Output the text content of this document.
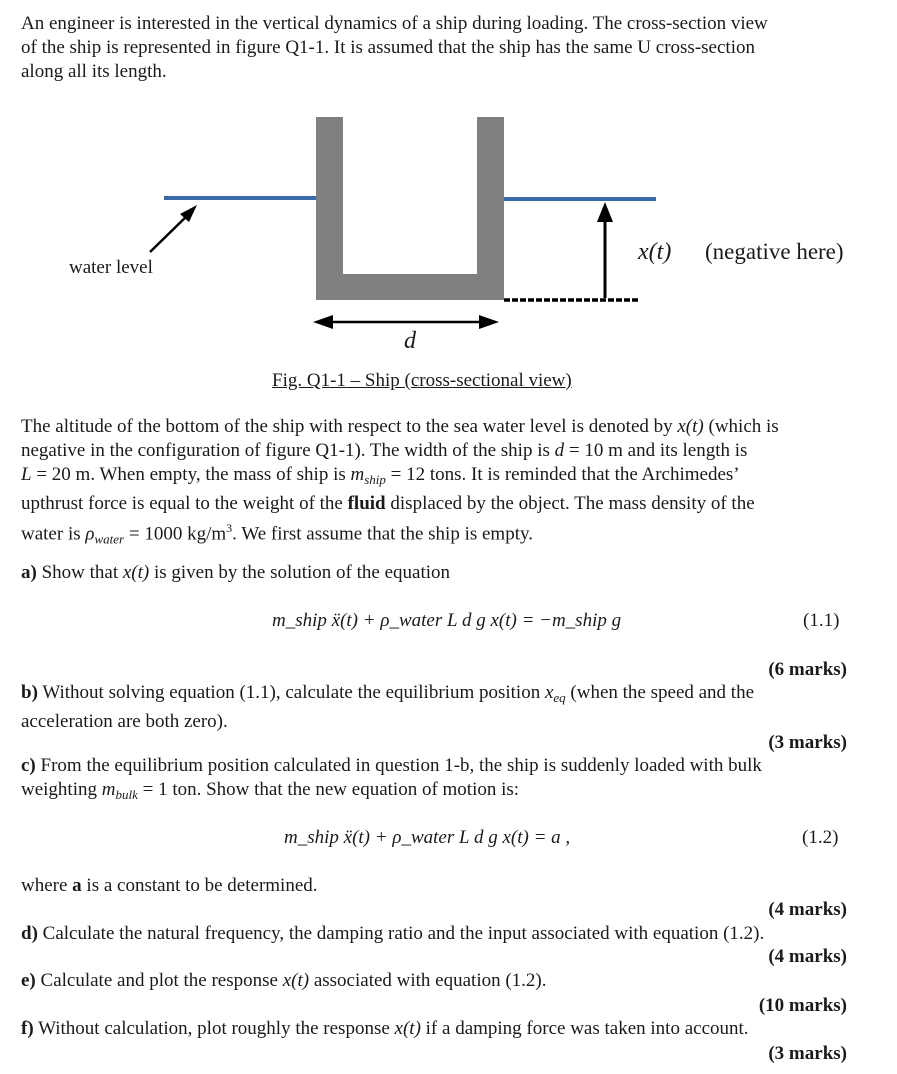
An engineer is interested in the vertical dynamics of a ship during loading. The cross-section view
of the ship is represented in figure Q1-1. It is assumed that the ship has the same U cross-section
along all its length.
water level
x(t) (negative here)
d
Fig. Q1-1 – Ship (cross-sectional view)
The altitude of the bottom of the ship with respect to the sea water level is denoted by x(t) (which is
negative in the configuration of figure Q1-1). The width of the ship is d = 10 m and its length is
L = 20 m. When empty, the mass of ship is $m_{ship} = 12$ tons. It is reminded that the Archimedes’
upthrust force is equal to the weight of the fluid displaced by the object. The mass density of the
water is $\rho_{water} = 1000$ $kg/m^3$. We first assume that the ship is empty.
a) Show that x(t) is given by the solution of the equation
m_ship ẍ(t) + ρ_water L d g x(t) = −m_ship g	(1.1)
(6 marks)
b) Without solving equation (1.1), calculate the equilibrium position $x_{eq}$ (when the speed and the
acceleration are both zero).
(3 marks)
c) From the equilibrium position calculated in question 1-b, the ship is suddenly loaded with bulk
weighting $m_{bulk} = 1$ ton. Show that the new equation of motion is:
m_ship ẍ(t) + ρ_water L d g x(t) = a ,	(1.2)
where a is a constant to be determined.
(4 marks)
d) Calculate the natural frequency, the damping ratio and the input associated with equation (1.2).
(4 marks)
e) Calculate and plot the response x(t) associated with equation (1.2).
(10 marks)
f) Without calculation, plot roughly the response x(t) if a damping force was taken into account.
(3 marks)
